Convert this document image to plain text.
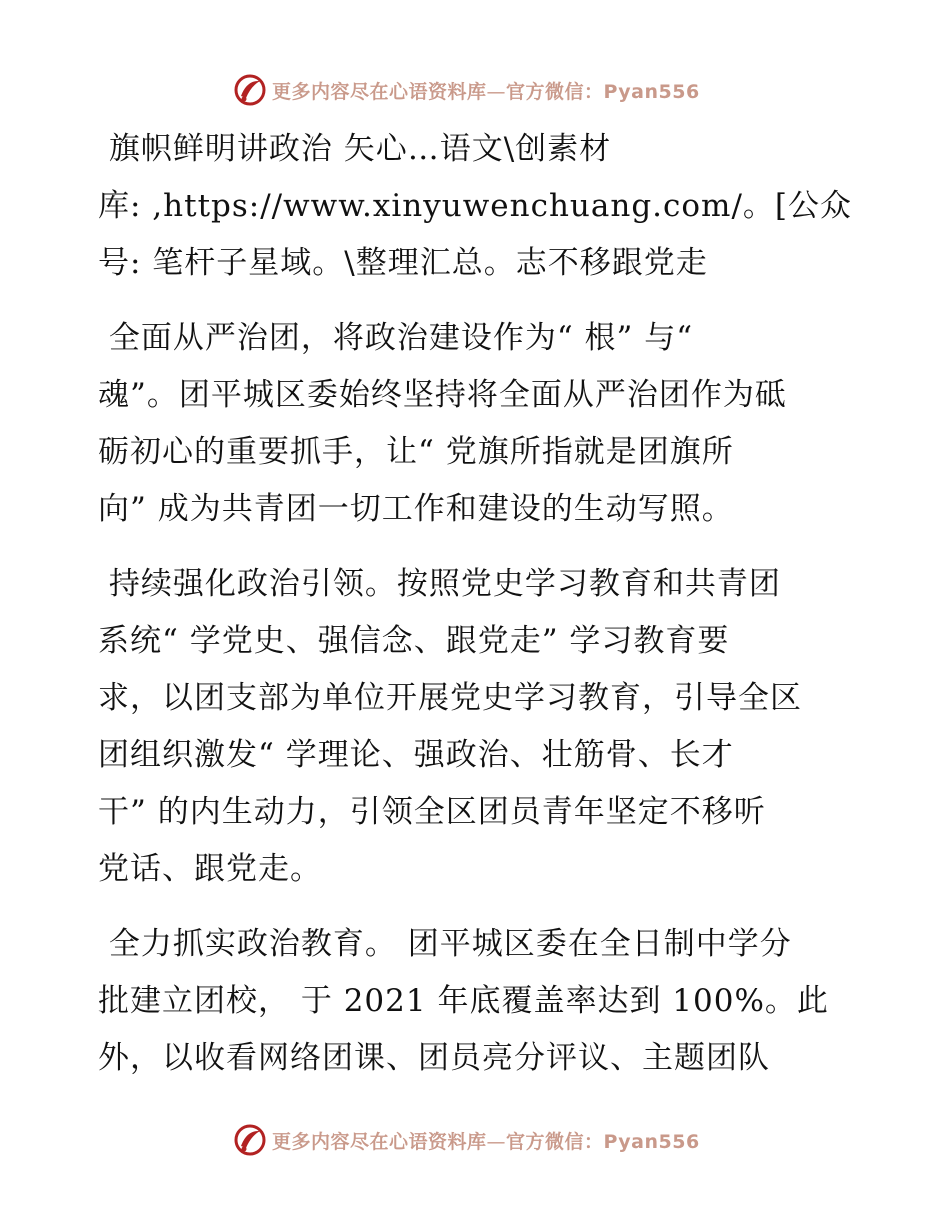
更多内容尽在心语资料库—官方微信：Pyan556
旗帜鲜明讲政治 矢心…语文\创素材
库: ,https://www.xinyuwenchuang.com/。[公众
号: 笔杆子星域。\整理汇总。志不移跟党走
全面从严治团，将政治建设作为“ 根” 与“
魂”。团平城区委始终坚持将全面从严治团作为砥
砺初心的重要抓手，让“ 党旗所指就是团旗所
向” 成为共青团一切工作和建设的生动写照。
持续强化政治引领。按照党史学习教育和共青团
系统“ 学党史、强信念、跟党走” 学习教育要
求，以团支部为单位开展党史学习教育，引导全区
团组织激发“ 学理论、强政治、壮筋骨、长才
干” 的内生动力，引领全区团员青年坚定不移听
党话、跟党走。
全力抓实政治教育。 团平城区委在全日制中学分
批建立团校， 于 2021 年底覆盖率达到 100%。此
外，以收看网络团课、团员亮分评议、主题团队
更多内容尽在心语资料库—官方微信：Pyan556
